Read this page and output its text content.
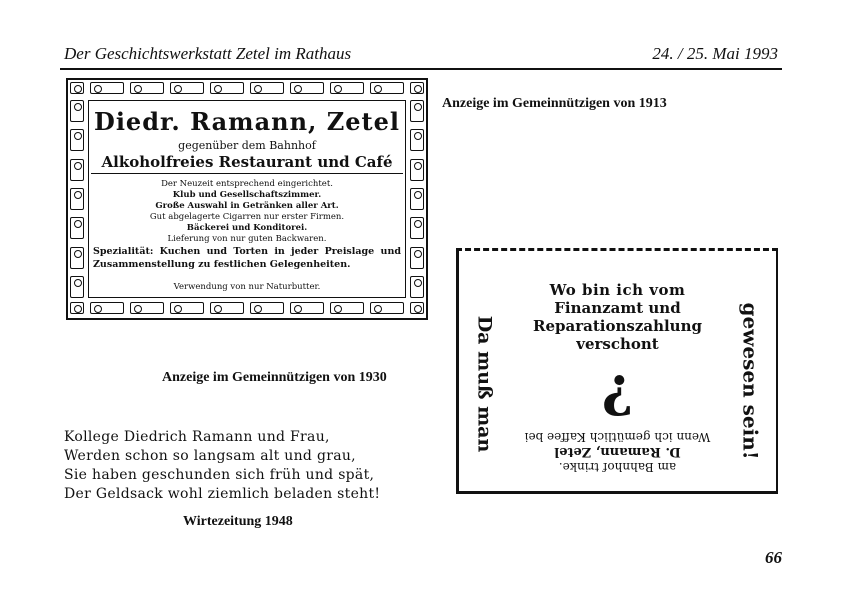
Der Geschichtswerkstatt Zetel im Rathaus	24. / 25. Mai 1993
Diedr. Ramann, Zetel
gegenüber dem Bahnhof
Alkoholfreies Restaurant und Café
Der Neuzeit entsprechend eingerichtet.
Klub und Gesellschaftszimmer.
Große Auswahl in Getränken aller Art.
Gut abgelagerte Cigarren nur erster Firmen.
Bäckerei und Konditorei.
Lieferung von nur guten Backwaren.
Spezialität: Kuchen und Torten in jeder Preislage und Zusammenstellung zu festlichen Gelegenheiten.
Verwendung von nur Naturbutter.
Anzeige im Gemeinnützigen von 1913
Anzeige im Gemeinnützigen von 1930
Wo bin ich vom
Finanzamt und
Reparationszahlung
verschont
?
am Bahnhof trinke.
D. Ramann, Zetel
Wenn ich gemütlich Kaffee bei
Da muß man	gewesen sein!
Kollege Diedrich Ramann und Frau,
Werden schon so langsam alt und grau,
Sie haben geschunden sich früh und spät,
Der Geldsack wohl ziemlich beladen steht!
Wirtezeitung 1948
66
